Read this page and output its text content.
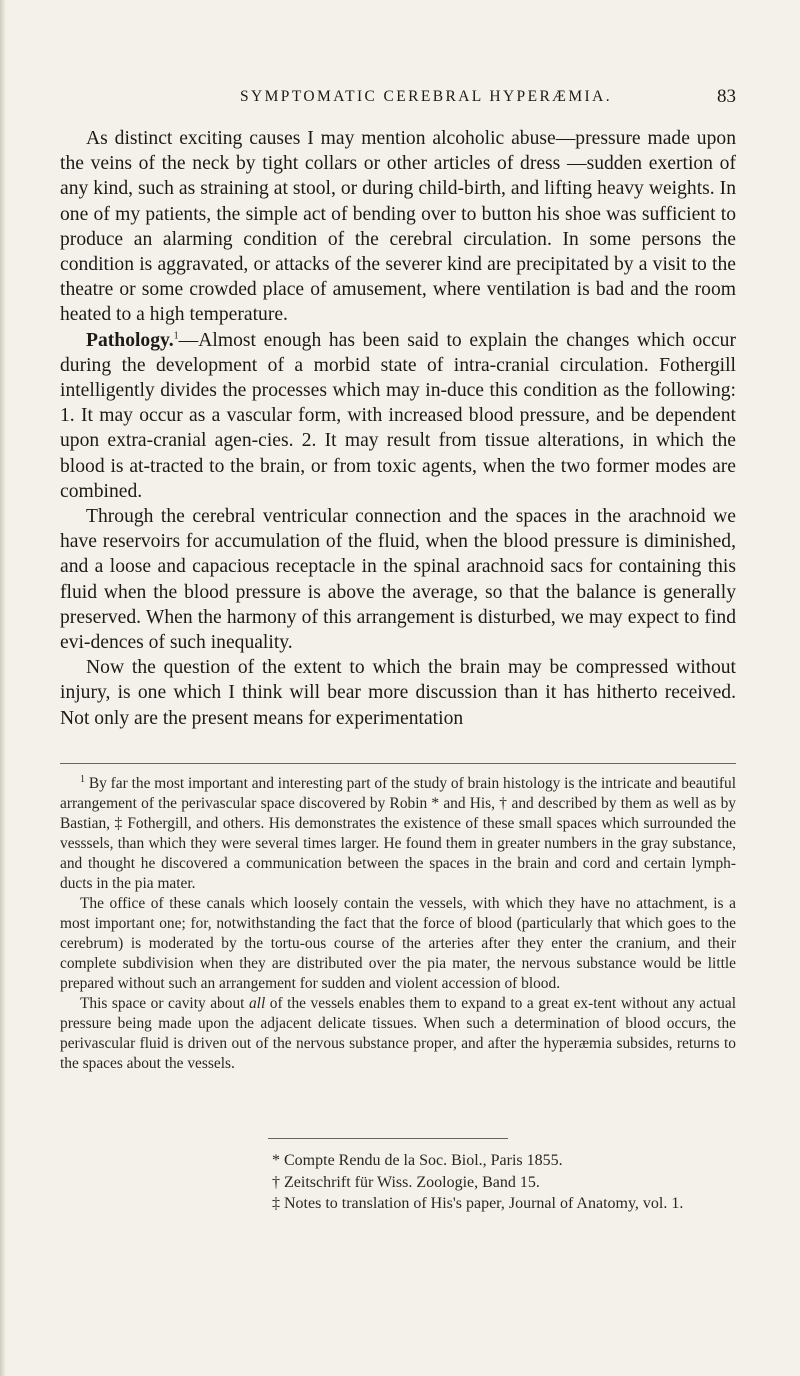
SYMPTOMATIC CEREBRAL HYPERÆMIA.	83

As distinct exciting causes I may mention alcoholic abuse—pressure made upon the veins of the neck by tight collars or other articles of dress —sudden exertion of any kind, such as straining at stool, or during child-birth, and lifting heavy weights. In one of my patients, the simple act of bending over to button his shoe was sufficient to produce an alarming condition of the cerebral circulation. In some persons the condition is aggravated, or attacks of the severer kind are precipitated by a visit to the theatre or some crowded place of amusement, where ventilation is bad and the room heated to a high temperature.

Pathology.$^1$—Almost enough has been said to explain the changes which occur during the development of a morbid state of intra-cranial circulation. Fothergill intelligently divides the processes which may in-duce this condition as the following: 1. It may occur as a vascular form, with increased blood pressure, and be dependent upon extra-cranial agen-cies. 2. It may result from tissue alterations, in which the blood is at-tracted to the brain, or from toxic agents, when the two former modes are combined.

Through the cerebral ventricular connection and the spaces in the arachnoid we have reservoirs for accumulation of the fluid, when the blood pressure is diminished, and a loose and capacious receptacle in the spinal arachnoid sacs for containing this fluid when the blood pressure is above the average, so that the balance is generally preserved. When the harmony of this arrangement is disturbed, we may expect to find evi-dences of such inequality.

Now the question of the extent to which the brain may be compressed without injury, is one which I think will bear more discussion than it has hitherto received. Not only are the present means for experimentation

$^1$ By far the most important and interesting part of the study of brain histology is the intricate and beautiful arrangement of the perivascular space discovered by Robin * and His, † and described by them as well as by Bastian, ‡ Fothergill, and others. His demonstrates the existence of these small spaces which surrounded the vesssels, than which they were several times larger. He found them in greater numbers in the gray substance, and thought he discovered a communication between the spaces in the brain and cord and certain lymph-ducts in the pia mater.

The office of these canals which loosely contain the vessels, with which they have no attachment, is a most important one; for, notwithstanding the fact that the force of blood (particularly that which goes to the cerebrum) is moderated by the tortu-ous course of the arteries after they enter the cranium, and their complete subdivision when they are distributed over the pia mater, the nervous substance would be little prepared without such an arrangement for sudden and violent accession of blood.

This space or cavity about all of the vessels enables them to expand to a great ex-tent without any actual pressure being made upon the adjacent delicate tissues. When such a determination of blood occurs, the perivascular fluid is driven out of the nervous substance proper, and after the hyperæmia subsides, returns to the spaces about the vessels.

* Compte Rendu de la Soc. Biol., Paris 1855.
† Zeitschrift für Wiss. Zoologie, Band 15.
‡ Notes to translation of His's paper, Journal of Anatomy, vol. 1.
